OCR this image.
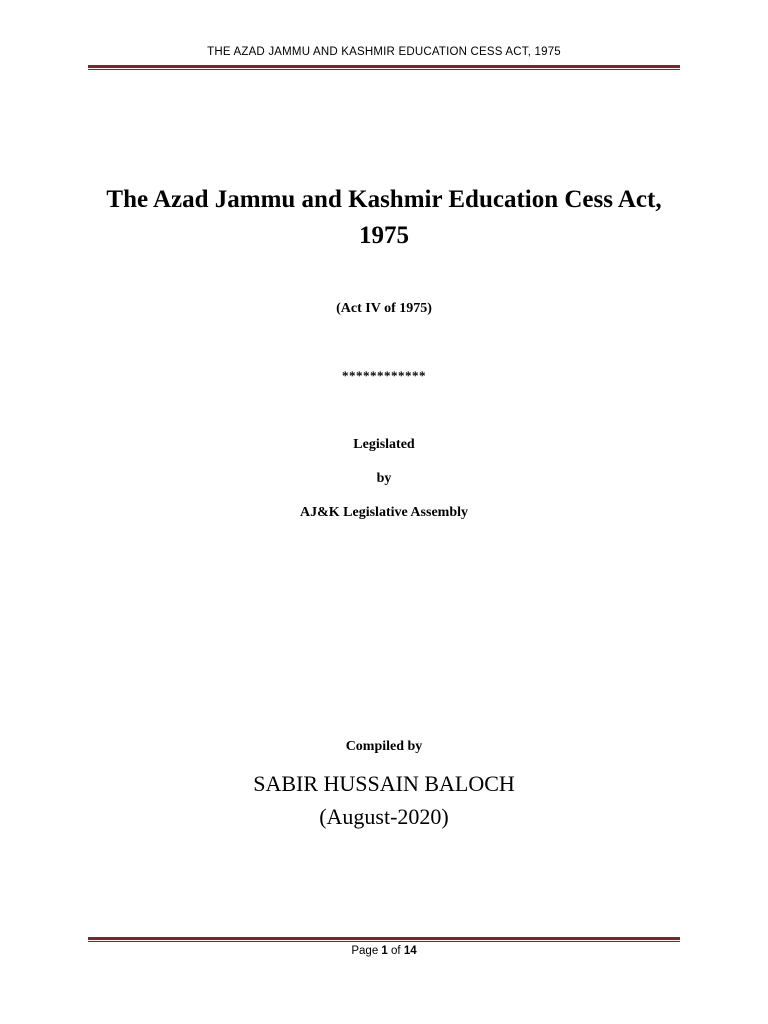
THE AZAD JAMMU AND KASHMIR EDUCATION CESS ACT, 1975
The Azad Jammu and Kashmir Education Cess Act,
1975
(Act IV of 1975)
************
Legislated
by
AJ&K Legislative Assembly
Compiled by
SABIR HUSSAIN BALOCH
(August-2020)
Page 1 of 14
